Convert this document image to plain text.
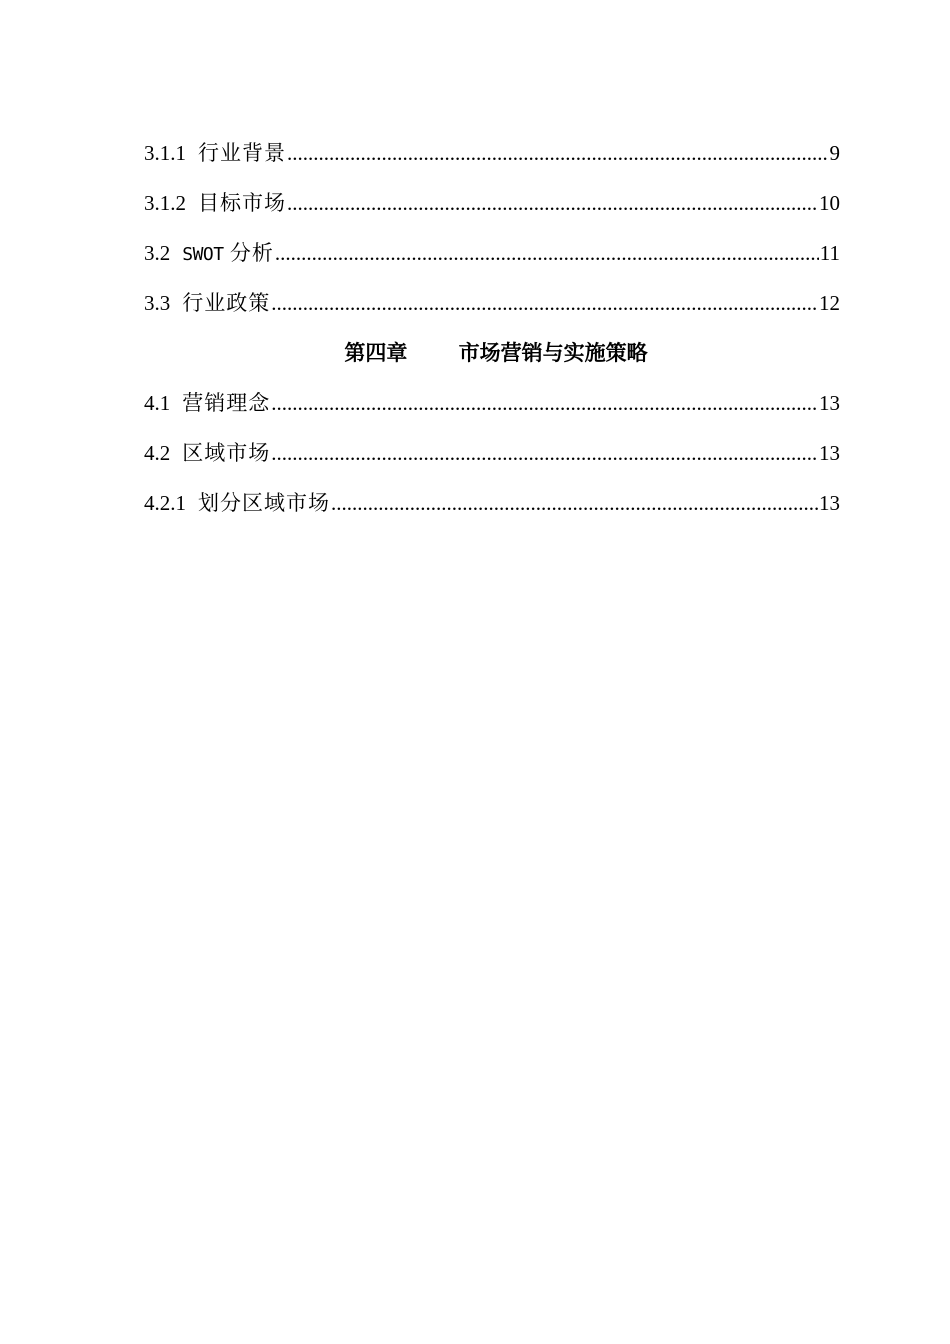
3.1.1 行业背景 .....	9
3.1.2 目标市场 .....	10
3.2 SWOT 分析 .....	11
3.3 行业政策 .....	12
第四章 市场营销与实施策略
4.1 营销理念 .....	13
4.2 区域市场 .....	13
4.2.1 划分区域市场 .....	13
